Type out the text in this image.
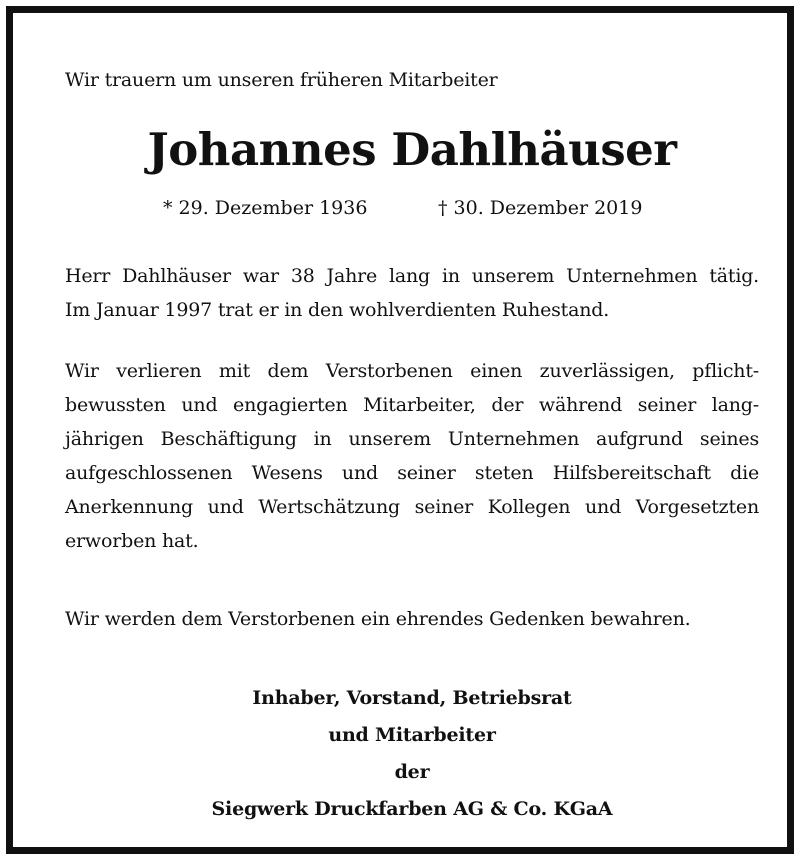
Wir trauern um unseren früheren Mitarbeiter
Johannes Dahlhäuser
* 29. Dezember 1936	† 30. Dezember 2019
Herr Dahlhäuser war 38 Jahre lang in unserem Unternehmen tätig.
Im Januar 1997 trat er in den wohlverdienten Ruhestand.
Wir verlieren mit dem Verstorbenen einen zuverlässigen, pflicht-
bewussten und engagierten Mitarbeiter, der während seiner lang-
jährigen Beschäftigung in unserem Unternehmen aufgrund seines
aufgeschlossenen Wesens und seiner steten Hilfsbereitschaft die
Anerkennung und Wertschätzung seiner Kollegen und Vorgesetzten
erworben hat.
Wir werden dem Verstorbenen ein ehrendes Gedenken bewahren.
Inhaber, Vorstand, Betriebsrat
und Mitarbeiter
der
Siegwerk Druckfarben AG & Co. KGaA
